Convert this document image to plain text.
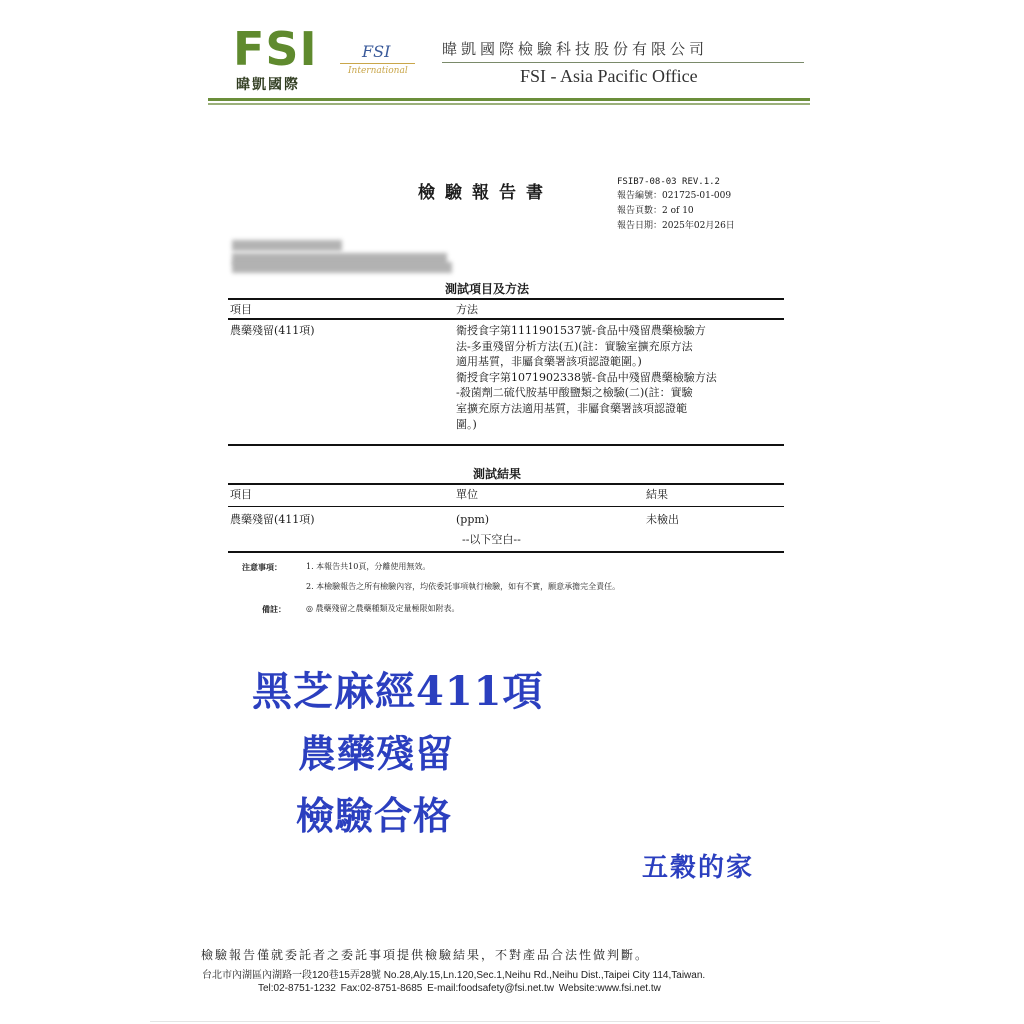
FSI
暐凱國際
FSI
International
暐凱國際檢驗科技股份有限公司
FSI - Asia Pacific Office
檢驗報告書
FSIB7-08-03 REV.1.2
報告編號：021725-01-009
報告頁數：2 of 10
報告日期：2025年02月26日
測試項目及方法
項目	方法
農藥殘留(411項)	衛授食字第1111901537號-食品中殘留農藥檢驗方
法-多重殘留分析方法(五)(註：實驗室擴充原方法
適用基質，非屬食藥署該項認證範圍。)
衛授食字第1071902338號-食品中殘留農藥檢驗方法
-殺菌劑二硫代胺基甲酸鹽類之檢驗(二)(註：實驗
室擴充原方法適用基質，非屬食藥署該項認證範
圍。)
測試結果
項目	單位	結果
農藥殘留(411項)	(ppm)	未檢出
--以下空白--
注意事項：	1. 本報告共10頁，分離使用無效。
2. 本檢驗報告之所有檢驗內容，均依委託事項執行檢驗，如有不實，願意承擔完全責任。
備註：	◎ 農藥殘留之農藥種類及定量極限如附表。
黑芝麻經411項
農藥殘留
檢驗合格
五穀的家
檢驗報告僅就委託者之委託事項提供檢驗結果，不對產品合法性做判斷。
台北市內湖區內湖路一段120巷15弄28號 No.28,Aly.15,Ln.120,Sec.1,Neihu Rd.,Neihu Dist.,Taipei City 114,Taiwan.
Tel:02-8751-1232 Fax:02-8751-8685 E-mail:foodsafety@fsi.net.tw Website:www.fsi.net.tw
